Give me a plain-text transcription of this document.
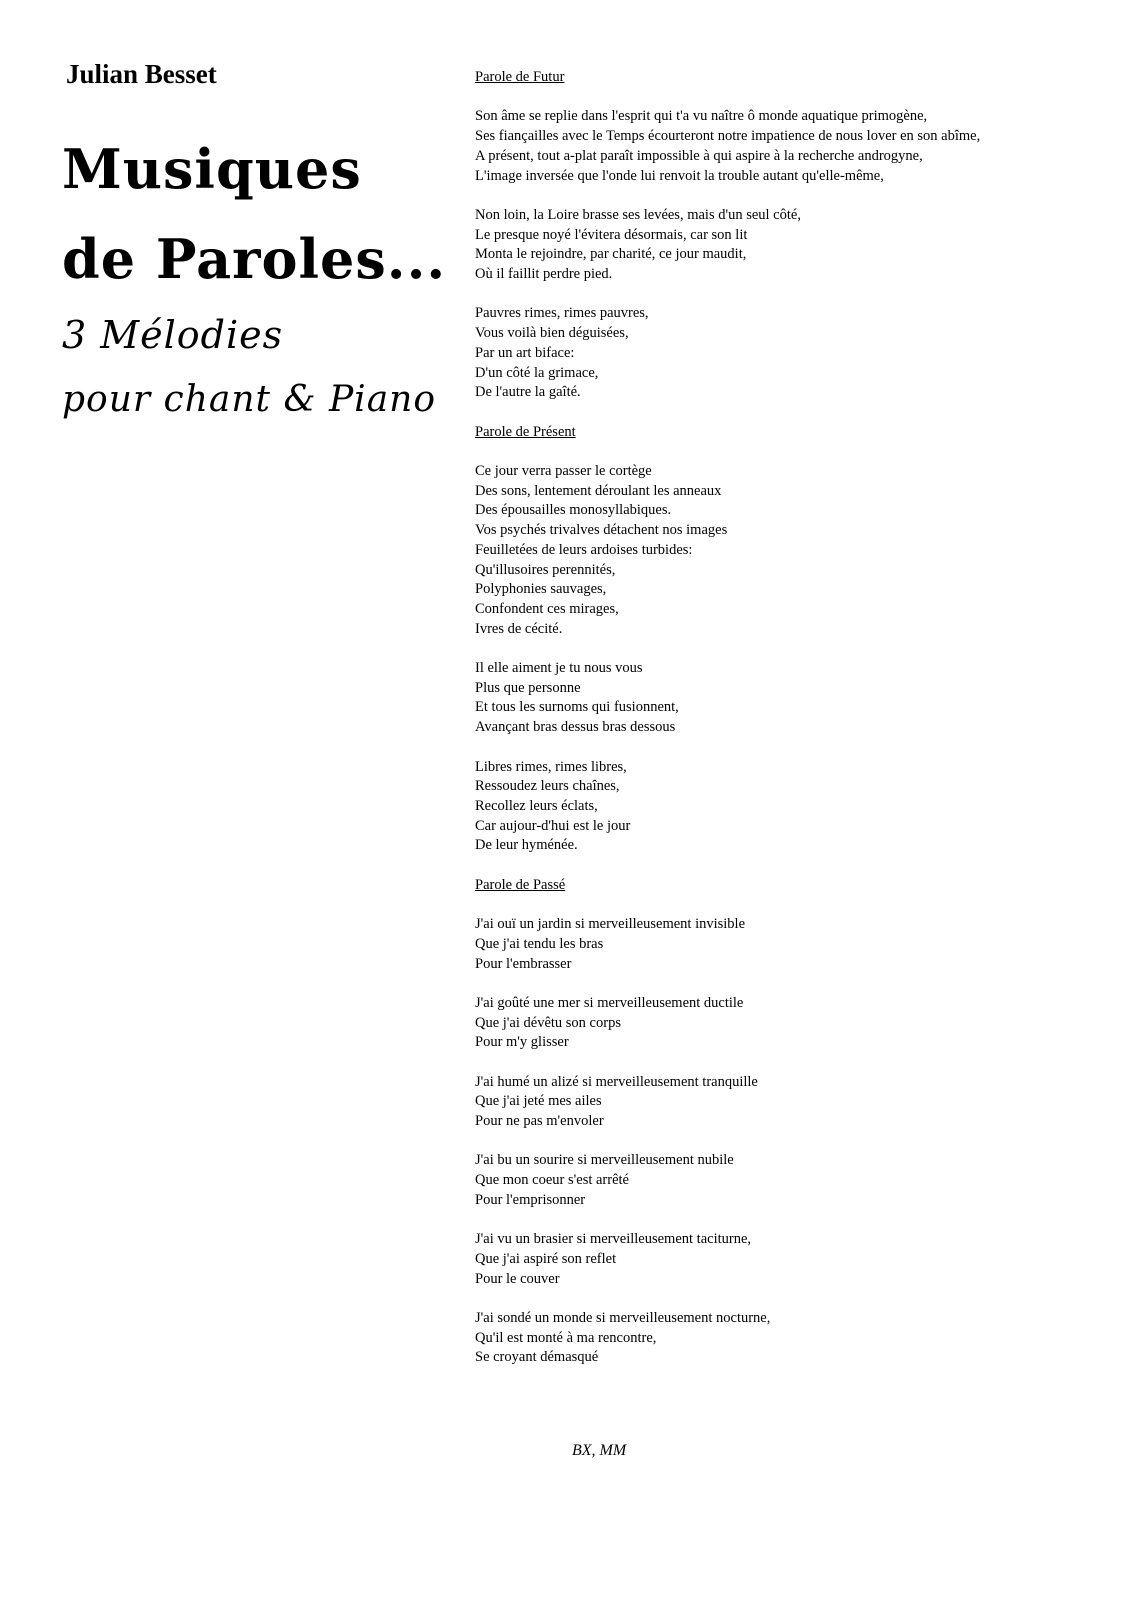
Julian Besset
Musiques
de Paroles...
3 Mélodies
pour chant & Piano
Parole de Futur
Son âme se replie dans l'esprit qui t'a vu naître ô monde aquatique primogène,
Ses fiançailles avec le Temps écourteront notre impatience de nous lover en son abîme,
A présent, tout a-plat paraît impossible à qui aspire à la recherche androgyne,
L'image inversée que l'onde lui renvoit la trouble autant qu'elle-même,
Non loin, la Loire brasse ses levées, mais d'un seul côté,
Le presque noyé l'évitera désormais, car son lit
Monta le rejoindre, par charité, ce jour maudit,
Où il faillit perdre pied.
Pauvres rimes, rimes pauvres,
Vous voilà bien déguisées,
Par un art biface:
D'un côté la grimace,
De l'autre la gaîté.
Parole de Présent
Ce jour verra passer le cortège
Des sons, lentement déroulant les anneaux
Des épousailles monosyllabiques.
Vos psychés trivalves détachent nos images
Feuilletées de leurs ardoises turbides:
Qu'illusoires perennités,
Polyphonies sauvages,
Confondent ces mirages,
Ivres de cécité.
Il elle aiment je tu nous vous
Plus que personne
Et tous les surnoms qui fusionnent,
Avançant bras dessus bras dessous
Libres rimes, rimes libres,
Ressoudez leurs chaînes,
Recollez leurs éclats,
Car aujour-d'hui est le jour
De leur hyménée.
Parole de Passé
J'ai ouï un jardin si merveilleusement invisible
Que j'ai tendu les bras
Pour l'embrasser
J'ai goûté une mer si merveilleusement ductile
Que j'ai dévêtu son corps
Pour m'y glisser
J'ai humé un alizé si merveilleusement tranquille
Que j'ai jeté mes ailes
Pour ne pas m'envoler
J'ai bu un sourire si merveilleusement nubile
Que mon coeur s'est arrêté
Pour l'emprisonner
J'ai vu un brasier si merveilleusement taciturne,
Que j'ai aspiré son reflet
Pour le couver
J'ai sondé un monde si merveilleusement nocturne,
Qu'il est monté à ma rencontre,
Se croyant démasqué

BX, MM
